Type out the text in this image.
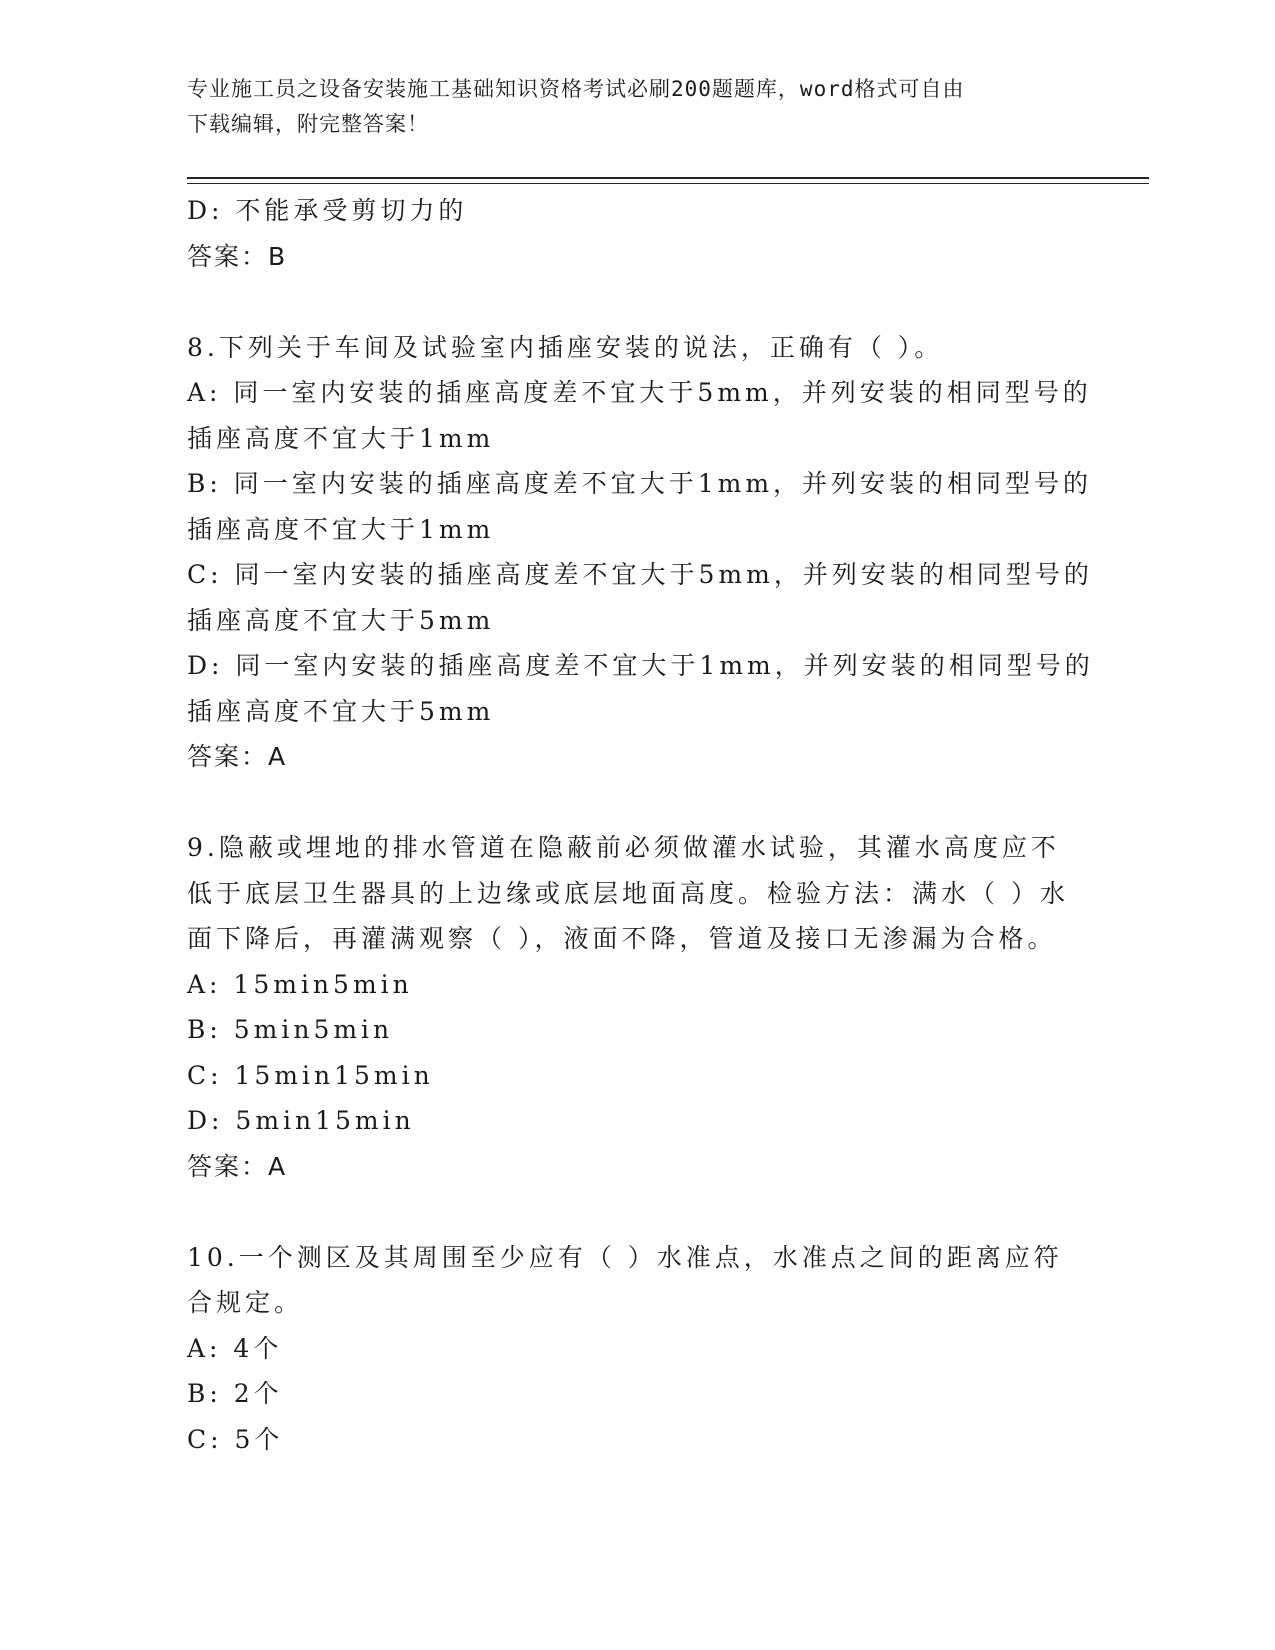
专业施工员之设备安装施工基础知识资格考试必刷200题题库，word格式可自由
下载编辑，附完整答案！
D: 不能承受剪切力的
答案：B
8.下列关于车间及试验室内插座安装的说法，正确有（ ）。
A: 同一室内安装的插座高度差不宜大于5mm，并列安装的相同型号的
插座高度不宜大于1mm
B: 同一室内安装的插座高度差不宜大于1mm，并列安装的相同型号的
插座高度不宜大于1mm
C: 同一室内安装的插座高度差不宜大于5mm，并列安装的相同型号的
插座高度不宜大于5mm
D: 同一室内安装的插座高度差不宜大于1mm，并列安装的相同型号的
插座高度不宜大于5mm
答案：A
9.隐蔽或埋地的排水管道在隐蔽前必须做灌水试验，其灌水高度应不
低于底层卫生器具的上边缘或底层地面高度。检验方法：满水（ ）水
面下降后，再灌满观察（ ），液面不降，管道及接口无渗漏为合格。
A: 15min5min
B: 5min5min
C: 15min15min
D: 5min15min
答案：A
10.一个测区及其周围至少应有（ ）水准点，水准点之间的距离应符
合规定。
A: 4个
B: 2个
C: 5个
